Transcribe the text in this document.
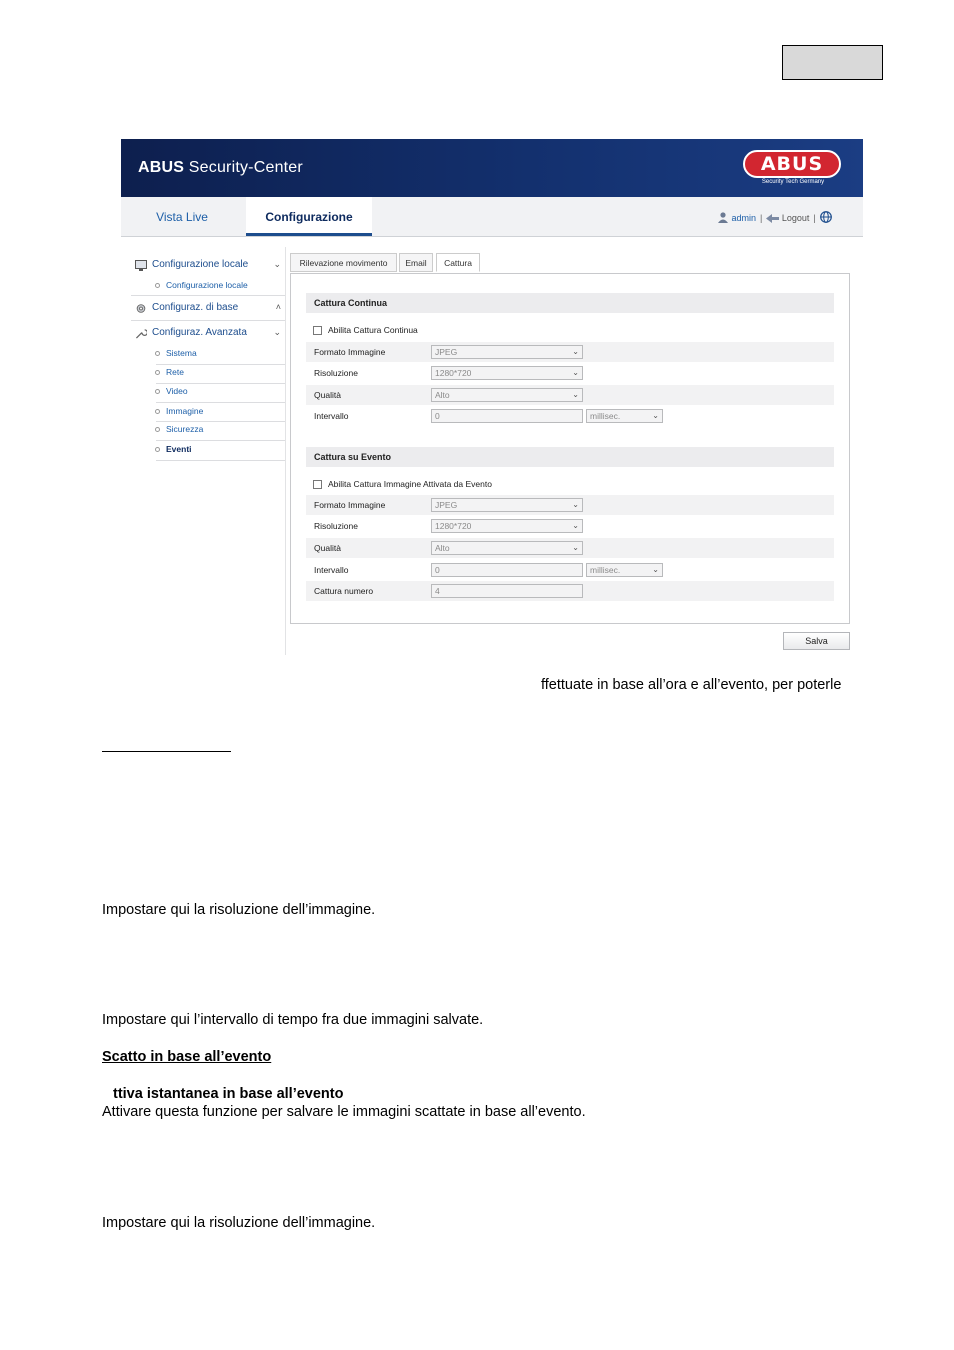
ABUS Security-Center	ABUS
Security Tech Germany
Vista Live	Configurazione	admin | Logout |
Configurazione locale	⌄
Configurazione locale
Configuraz. di base	˄
Configuraz. Avanzata	⌄
Sistema
Rete
Video
Immagine
Sicurezza
Eventi
Rilevazione movimento	Email	Cattura
Cattura Continua
Abilita Cattura Continua
Formato Immagine	JPEG	⌄
Risoluzione	1280*720	⌄
Qualità	Alto	⌄
Intervallo	0	millisec.	⌄
Cattura su Evento
Abilita Cattura Immagine Attivata da Evento
Formato Immagine	JPEG	⌄
Risoluzione	1280*720	⌄
Qualità	Alto	⌄
Intervallo	0	millisec.	⌄
Cattura numero	4
Salva
ffettuate in base all’ora e all’evento, per poterle
Impostare qui la risoluzione dell’immagine.
Impostare qui l’intervallo di tempo fra due immagini salvate.
Scatto in base all’evento
ttiva istantanea in base all’evento
Attivare questa funzione per salvare le immagini scattate in base all’evento.
Impostare qui la risoluzione dell’immagine.
